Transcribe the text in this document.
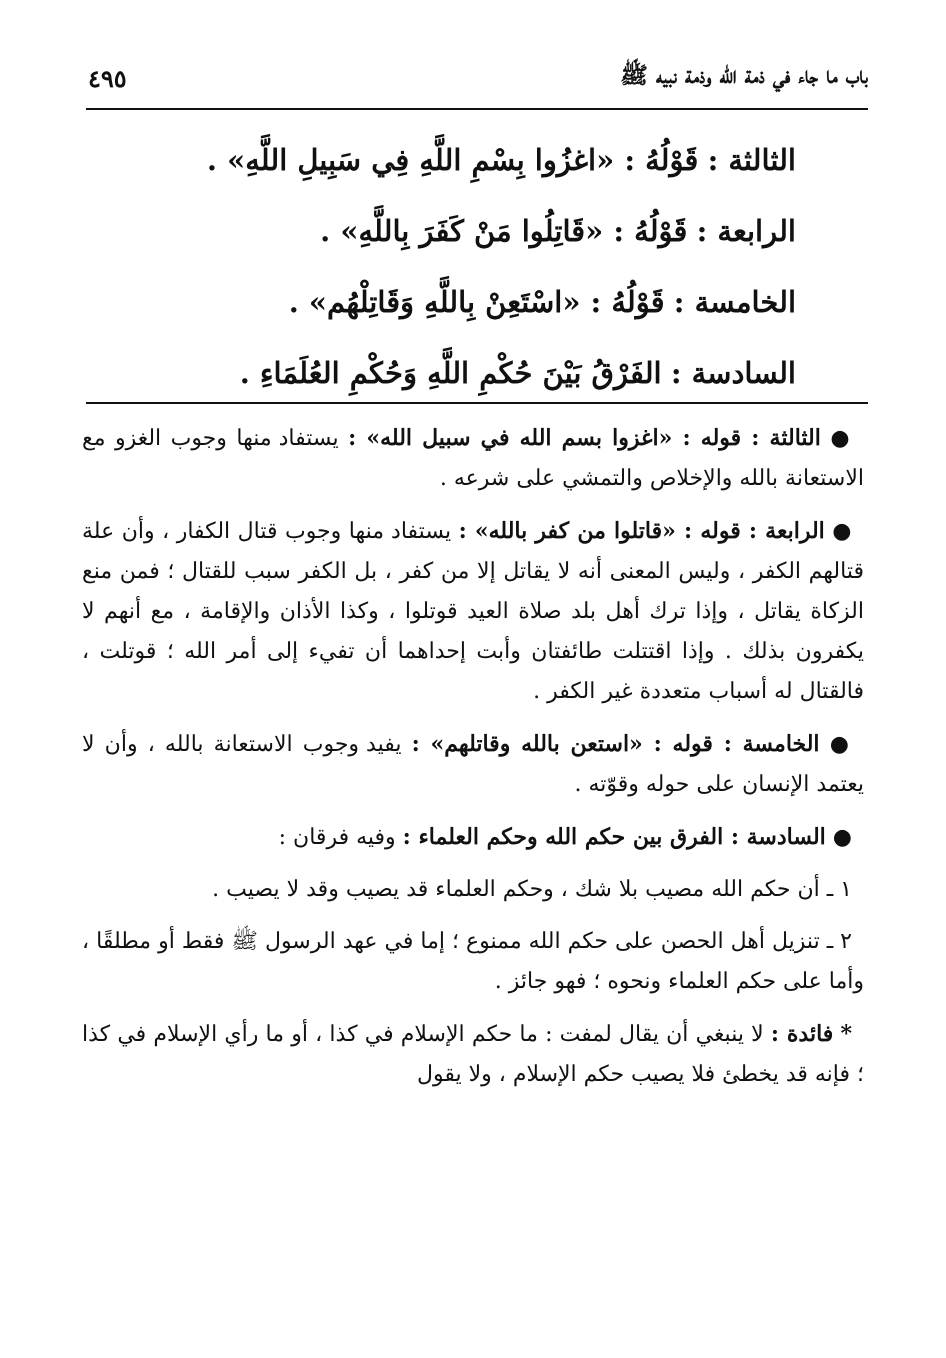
باب ما جاء في ذمة الله وذمة نبيه ﷺ
٤٩٥
الثالثة : قَوْلُهُ : «اغزُوا بِسْمِ اللَّهِ فِي سَبِيلِ اللَّهِ» .
الرابعة : قَوْلُهُ : «قَاتِلُوا مَنْ كَفَرَ بِاللَّهِ» .
الخامسة : قَوْلُهُ : «اسْتَعِنْ بِاللَّهِ وَقَاتِلْهُم» .
السادسة : الفَرْقُ بَيْنَ حُكْمِ اللَّهِ وَحُكْمِ العُلَمَاءِ .

● الثالثة : قوله : «اغزوا بسم الله في سبيل الله» : يستفاد منها وجوب الغزو مع الاستعانة بالله والإخلاص والتمشي على شرعه .

● الرابعة : قوله : «قاتلوا من كفر بالله» : يستفاد منها وجوب قتال الكفار ، وأن علة قتالهم الكفر ، وليس المعنى أنه لا يقاتل إلا من كفر ، بل الكفر سبب للقتال ؛ فمن منع الزكاة يقاتل ، وإذا ترك أهل بلد صلاة العيد قوتلوا ، وكذا الأذان والإقامة ، مع أنهم لا يكفرون بذلك . وإذا اقتتلت طائفتان وأبت إحداهما أن تفيء إلى أمر الله ؛ قوتلت ، فالقتال له أسباب متعددة غير الكفر .

● الخامسة : قوله : «استعن بالله وقاتلهم» : يفيد وجوب الاستعانة بالله ، وأن لا يعتمد الإنسان على حوله وقوّته .

● السادسة : الفرق بين حكم الله وحكم العلماء : وفيه فرقان :

١ ـ أن حكم الله مصيب بلا شك ، وحكم العلماء قد يصيب وقد لا يصيب .

٢ ـ تنزيل أهل الحصن على حكم الله ممنوع ؛ إما في عهد الرسول ﷺ فقط أو مطلقًا ، وأما على حكم العلماء ونحوه ؛ فهو جائز .

* فائدة : لا ينبغي أن يقال لمفت : ما حكم الإسلام في كذا ، أو ما رأي الإسلام في كذا ؛ فإنه قد يخطئ فلا يصيب حكم الإسلام ، ولا يقول
